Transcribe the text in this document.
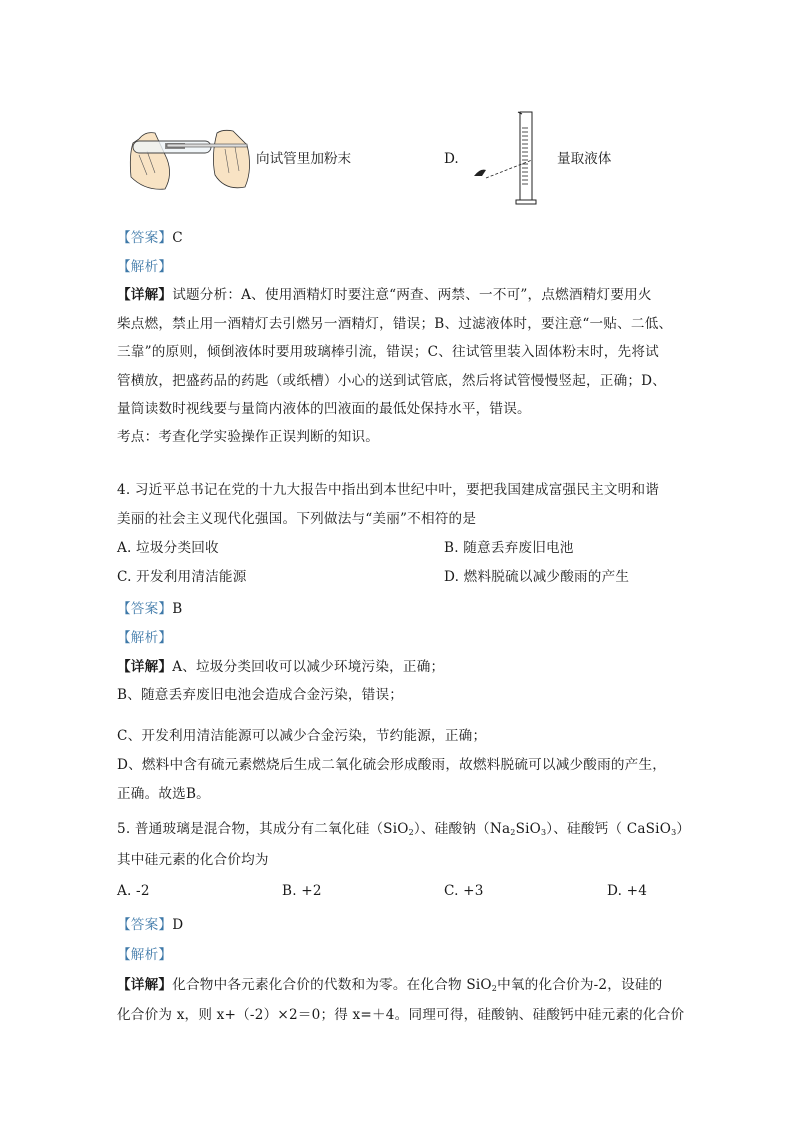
向试管里加粉末	D.	量取液体
【答案】C
【解析】
【详解】试题分析：A、使用酒精灯时要注意“两查、两禁、一不可”，点燃酒精灯要用火
柴点燃，禁止用一酒精灯去引燃另一酒精灯，错误；B、过滤液体时，要注意“一贴、二低、
三靠”的原则，倾倒液体时要用玻璃棒引流，错误；C、往试管里装入固体粉末时，先将试
管横放，把盛药品的药匙（或纸槽）小心的送到试管底，然后将试管慢慢竖起，正确；D、
量筒读数时视线要与量筒内液体的凹液面的最低处保持水平，错误。
考点：考查化学实验操作正误判断的知识。
4. 习近平总书记在党的十九大报告中指出到本世纪中叶，要把我国建成富强民主文明和谐
美丽的社会主义现代化强国。下列做法与“美丽”不相符的是
A. 垃圾分类回收	B. 随意丢弃废旧电池
C. 开发利用清洁能源	D. 燃料脱硫以减少酸雨的产生
【答案】B
【解析】
【详解】A、垃圾分类回收可以减少环境污染，正确；
B、随意丢弃废旧电池会造成合金污染，错误；
C、开发利用清洁能源可以减少合金污染，节约能源，正确；
D、燃料中含有硫元素燃烧后生成二氧化硫会形成酸雨，故燃料脱硫可以减少酸雨的产生，
正确。故选B。
5. 普通玻璃是混合物，其成分有二氧化硅（SiO$_2$）、硅酸钠$(Na_2SiO_3)$、硅酸钙（ CaSiO$_3$）
其中硅元素的化合价均为
A. -2	B. +2	C. +3	D. +4
【答案】D
【解析】
【详解】化合物中各元素化合价的代数和为零。在化合物 SiO$_2$中氧的化合价为-2，设硅的
化合价为 x，则 x+（-2）×2＝0；得 x=＋4。同理可得，硅酸钠、硅酸钙中硅元素的化合价
